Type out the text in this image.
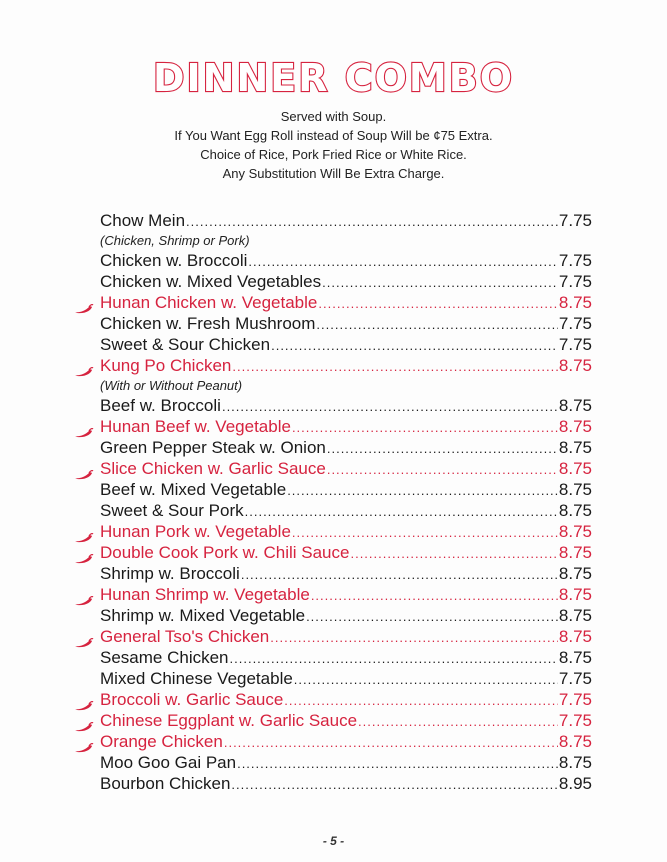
DINNER COMBO
Served with Soup.
If You Want Egg Roll instead of Soup Will be ¢75 Extra.
Choice of Rice, Pork Fried Rice or White Rice.
Any Substitution Will Be Extra Charge.
Chow Mein .....	7.75
(Chicken, Shrimp or Pork)
Chicken w. Broccoli .....	7.75
Chicken w. Mixed Vegetables .....	7.75
Hunan Chicken w. Vegetable .....	8.75
Chicken w. Fresh Mushroom .....	7.75
Sweet & Sour Chicken .....	7.75
Kung Po Chicken .....	8.75
(With or Without Peanut)
Beef w. Broccoli .....	8.75
Hunan Beef w. Vegetable .....	8.75
Green Pepper Steak w. Onion .....	8.75
Slice Chicken w. Garlic Sauce .....	8.75
Beef w. Mixed Vegetable .....	8.75
Sweet & Sour Pork .....	8.75
Hunan Pork w. Vegetable .....	8.75
Double Cook Pork w. Chili Sauce .....	8.75
Shrimp w. Broccoli .....	8.75
Hunan Shrimp w. Vegetable .....	8.75
Shrimp w. Mixed Vegetable .....	8.75
General Tso's Chicken .....	8.75
Sesame Chicken .....	8.75
Mixed Chinese Vegetable .....	7.75
Broccoli w. Garlic Sauce .....	7.75
Chinese Eggplant w. Garlic Sauce .....	7.75
Orange Chicken .....	8.75
Moo Goo Gai Pan .....	8.75
Bourbon Chicken .....	8.95
- 5 -
